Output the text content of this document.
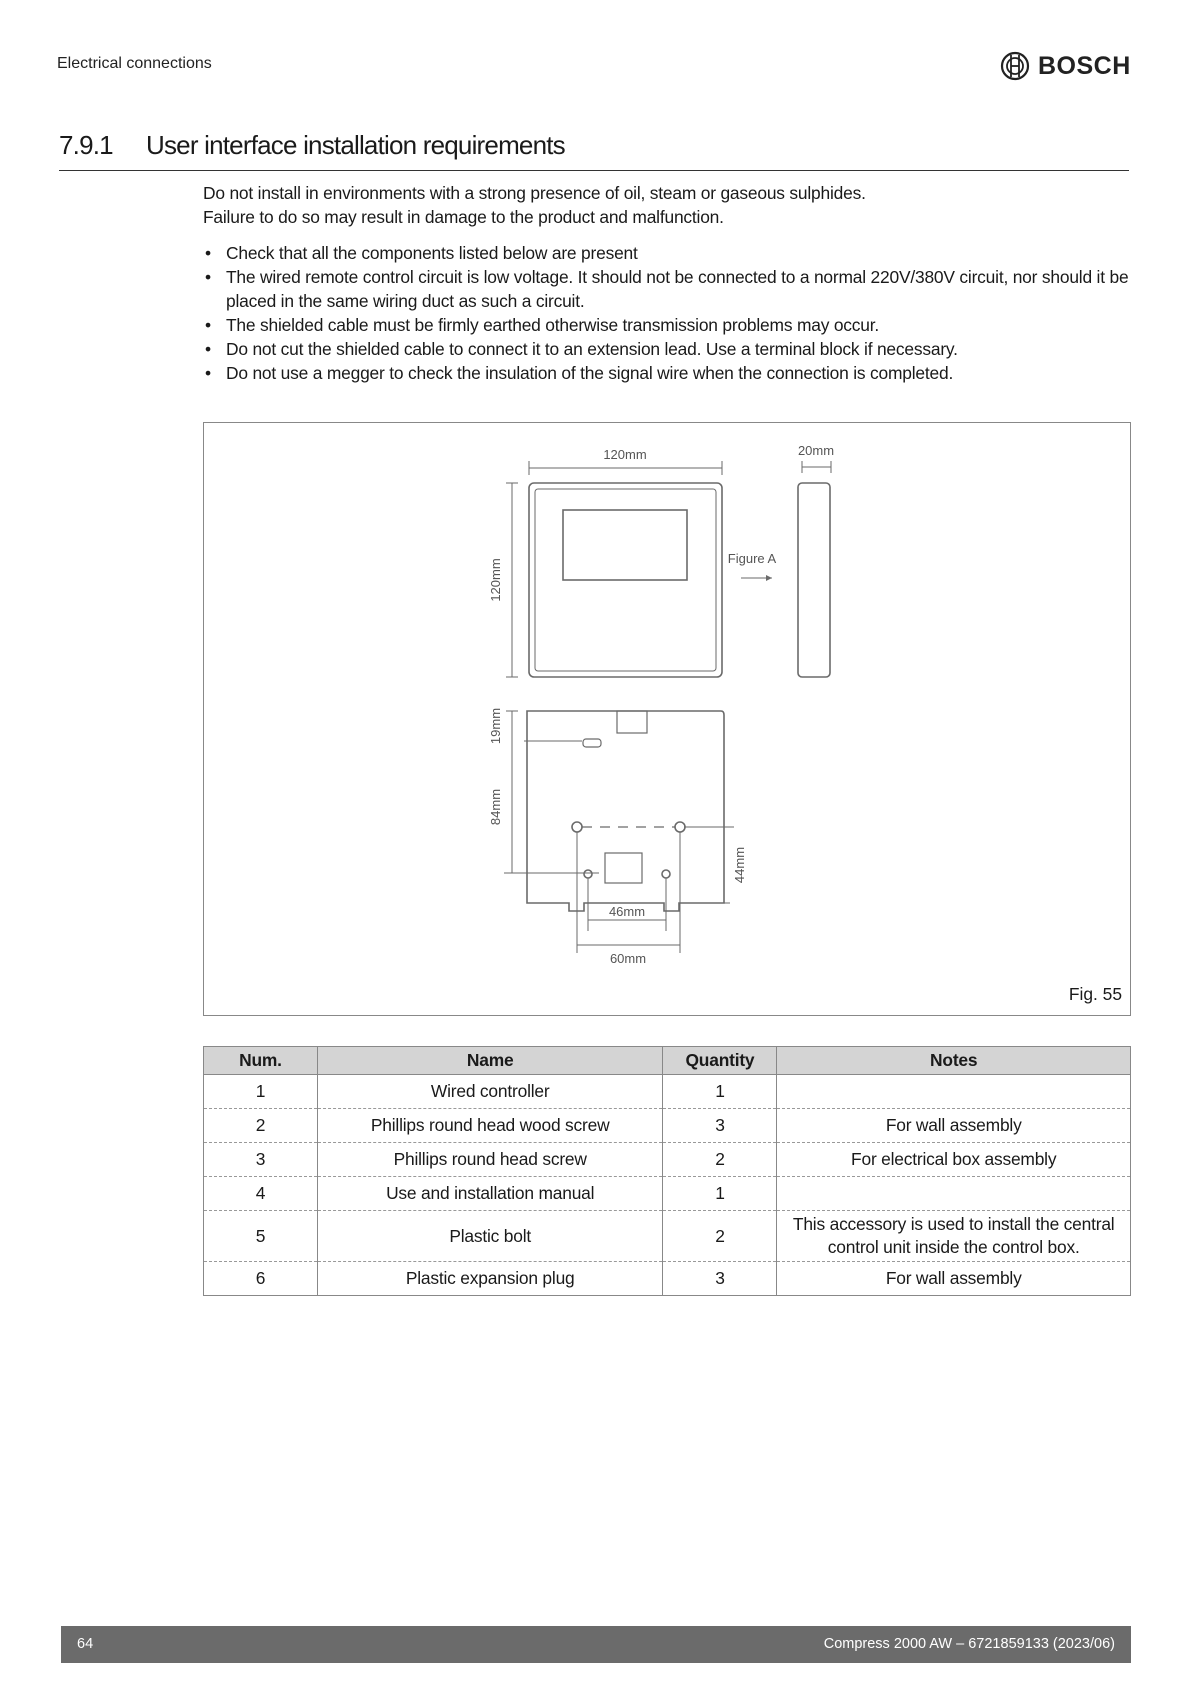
Electrical connections	BOSCH
7.9.1	User interface installation requirements
Do not install in environments with a strong presence of oil, steam or gaseous sulphides.
Failure to do so may result in damage to the product and malfunction.
• Check that all the components listed below are present
• The wired remote control circuit is low voltage. It should not be connected to a normal 220V/380V circuit, nor should it be placed in the same wiring duct as such a circuit.
• The shielded cable must be firmly earthed otherwise transmission problems may occur.
• Do not cut the shielded cable to connect it to an extension lead. Use a terminal block if necessary.
• Do not use a megger to check the insulation of the signal wire when the connection is completed.
120mm	20mm
120mm	Figure A
19mm
84mm
44mm
46mm
60mm
Fig. 55
Num.	Name	Quantity	Notes
1	Wired controller	1	
2	Phillips round head wood screw	3	For wall assembly
3	Phillips round head screw	2	For electrical box assembly
4	Use and installation manual	1	
5	Plastic bolt	2	This accessory is used to install the central control unit inside the control box.
6	Plastic expansion plug	3	For wall assembly
64	Compress 2000 AW – 6721859133 (2023/06)
